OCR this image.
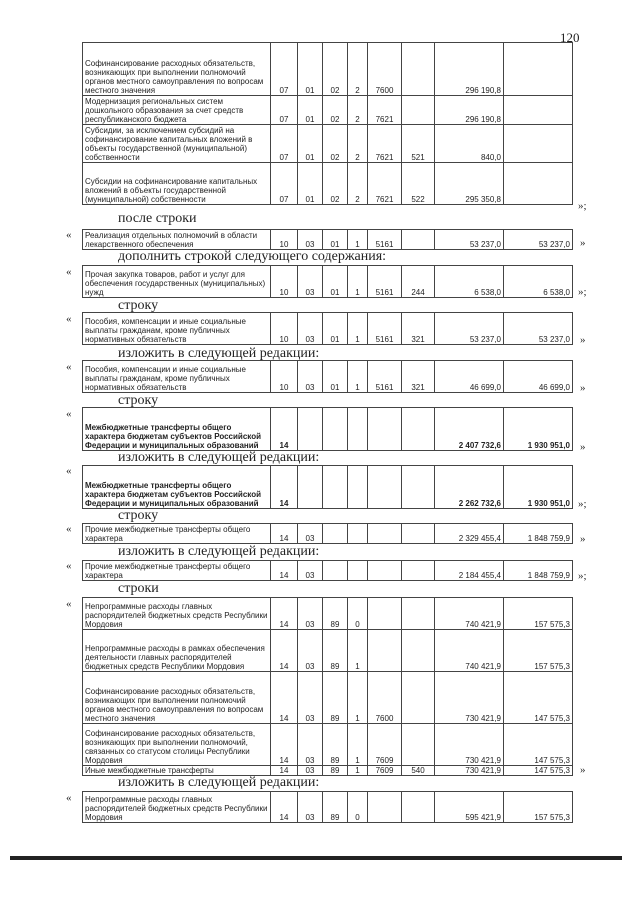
120
Софинансирование расходных обязательств, возникающих при выполнении полномочий органов местного самоуправления по вопросам местного значения	07	01	02	2	7600		296 190,8	
Модернизация региональных систем дошкольного образования за счет средств республиканского бюджета	07	01	02	2	7621		296 190,8	
Субсидии, за исключением субсидий на софинансирование капитальных вложений в объекты государственной (муниципальной) собственности	07	01	02	2	7621	521	840,0	
Субсидии на софинансирование капитальных вложений в объекты государственной (муниципальной) собственности	07	01	02	2	7621	522	295 350,8	
»;
после строки
« Реализация отдельных полномочий в области лекарственного обеспечения	10	03	01	1	5161		53 237,0	53 237,0 »
дополнить строкой следующего содержания:
« Прочая закупка товаров, работ и услуг для обеспечения государственных (муниципальных) нужд	10	03	01	1	5161	244	6 538,0	6 538,0 »;
строку
« Пособия, компенсации и иные социальные выплаты гражданам, кроме публичных нормативных обязательств	10	03	01	1	5161	321	53 237,0	53 237,0 »
изложить в следующей редакции:
« Пособия, компенсации и иные социальные выплаты гражданам, кроме публичных нормативных обязательств	10	03	01	1	5161	321	46 699,0	46 699,0 »
строку
«
Межбюджетные трансферты общего характера бюджетам субъектов Российской Федерации и муниципальных образований	14						2 407 732,6	1 930 951,0 »
изложить в следующей редакции:
«
Межбюджетные трансферты общего характера бюджетам субъектов Российской Федерации и муниципальных образований	14						2 262 732,6	1 930 951,0 »;
строку
« Прочие межбюджетные трансферты общего характера	14	03					2 329 455,4	1 848 759,9 »
изложить в следующей редакции:
« Прочие межбюджетные трансферты общего характера	14	03					2 184 455,4	1 848 759,9 »;
строки
« Непрограммные расходы главных распорядителей бюджетных средств Республики Мордовия	14	03	89	0			740 421,9	157 575,3
Непрограммные расходы в рамках обеспечения деятельности главных распорядителей бюджетных средств Республики Мордовия	14	03	89	1			740 421,9	157 575,3
Софинансирование расходных обязательств, возникающих при выполнении полномочий органов местного самоуправления по вопросам местного значения	14	03	89	1	7600		730 421,9	147 575,3
Софинансирование расходных обязательств, возникающих при выполнении полномочий, связанных со статусом столицы Республики Мордовия	14	03	89	1	7609		730 421,9	147 575,3
Иные межбюджетные трансферты	14	03	89	1	7609	540	730 421,9	147 575,3 »
изложить в следующей редакции:
« Непрограммные расходы главных распорядителей бюджетных средств Республики Мордовия	14	03	89	0			595 421,9	157 575,3
